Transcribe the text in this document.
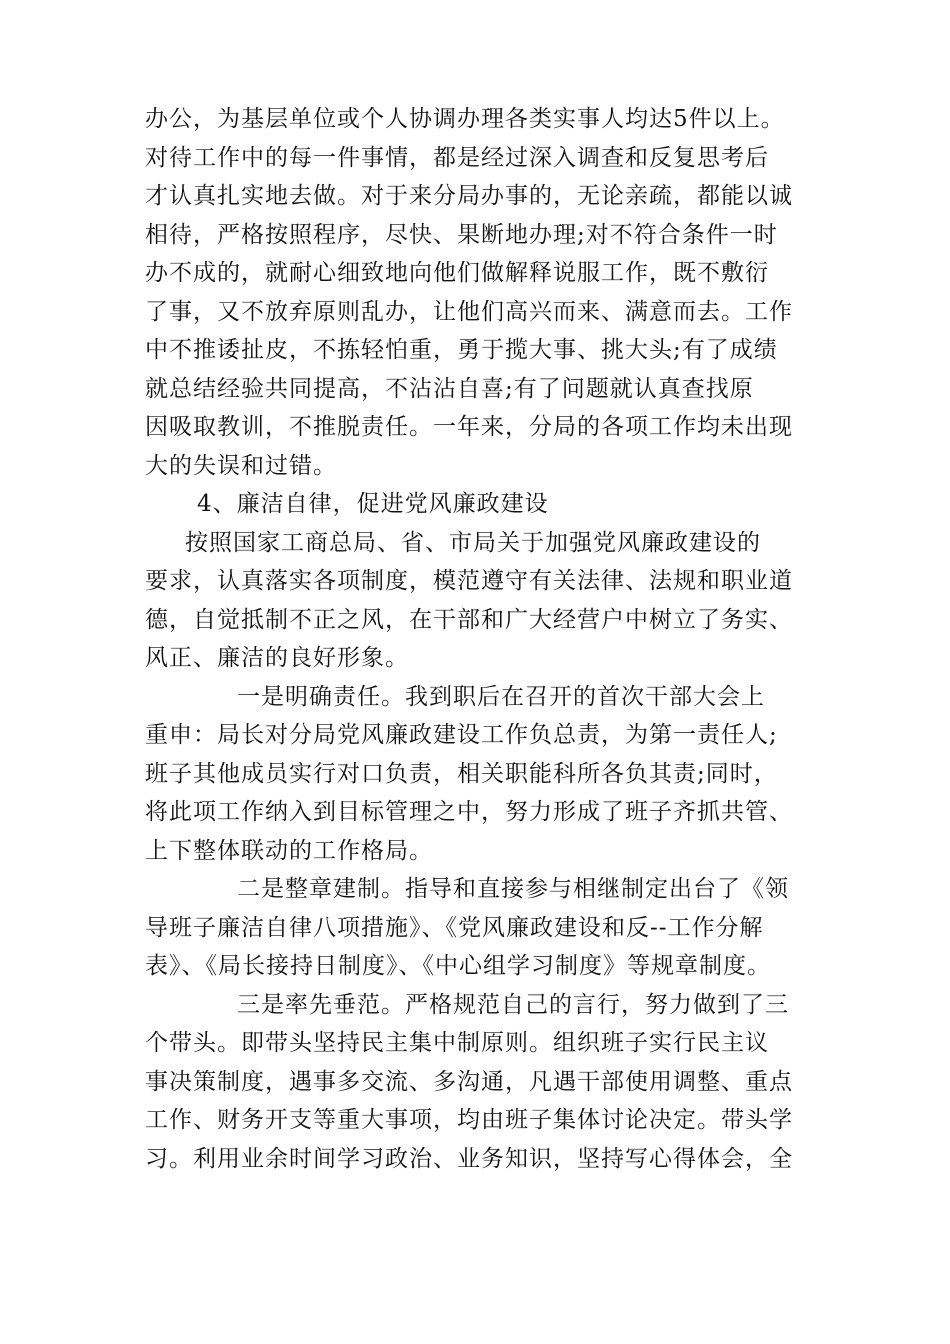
办公，为基层单位或个人协调办理各类实事人均达5件以上。
对待工作中的每一件事情，都是经过深入调查和反复思考后
才认真扎实地去做。对于来分局办事的，无论亲疏，都能以诚
相待，严格按照程序，尽快、果断地办理;对不符合条件一时
办不成的，就耐心细致地向他们做解释说服工作，既不敷衍
了事，又不放弃原则乱办，让他们高兴而来、满意而去。工作
中不推诿扯皮，不拣轻怕重，勇于揽大事、挑大头;有了成绩
就总结经验共同提高，不沾沾自喜;有了问题就认真查找原
因吸取教训，不推脱责任。一年来，分局的各项工作均未出现
大的失误和过错。
4、廉洁自律，促进党风廉政建设
按照国家工商总局、省、市局关于加强党风廉政建设的
要求，认真落实各项制度，模范遵守有关法律、法规和职业道
德，自觉抵制不正之风，在干部和广大经营户中树立了务实、
风正、廉洁的良好形象。
一是明确责任。我到职后在召开的首次干部大会上
重申：局长对分局党风廉政建设工作负总责，为第一责任人;
班子其他成员实行对口负责，相关职能科所各负其责;同时，
将此项工作纳入到目标管理之中，努力形成了班子齐抓共管、
上下整体联动的工作格局。
二是整章建制。指导和直接参与相继制定出台了《领
导班子廉洁自律八项措施》、《党风廉政建设和反--工作分解
表》、《局长接持日制度》、《中心组学习制度》等规章制度。
三是率先垂范。严格规范自己的言行，努力做到了三
个带头。即带头坚持民主集中制原则。组织班子实行民主议
事决策制度，遇事多交流、多沟通，凡遇干部使用调整、重点
工作、财务开支等重大事项，均由班子集体讨论决定。带头学
习。利用业余时间学习政治、业务知识，坚持写心得体会，全
